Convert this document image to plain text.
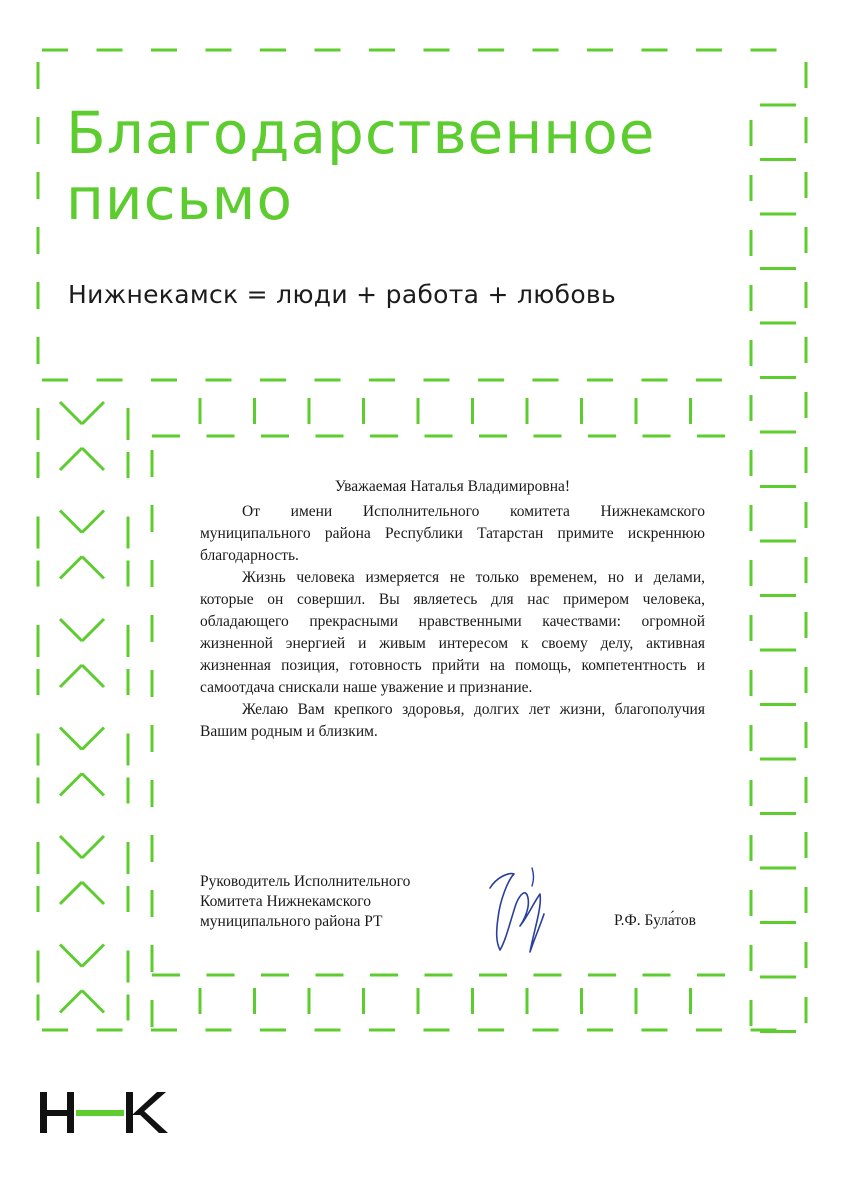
Благодарственное
письмо

Нижнекамск = люди + работа + любовь

Уважаемая Наталья Владимировна!

От имени Исполнительного комитета Нижнекамского муниципального района Республики Татарстан примите искреннюю благодарность.

Жизнь человека измеряется не только временем, но и делами, которые он совершил. Вы являетесь для нас примером человека, обладающего прекрасными нравственными качествами: огромной жизненной энергией и живым интересом к своему делу, активная жизненная позиция, готовность прийти на помощь, компетентность и самоотдача снискали наше уважение и признание.

Желаю Вам крепкого здоровья, долгих лет жизни, благополучия Вашим родным и близким.

Руководитель Исполнительного
Комитета Нижнекамского
муниципального района РТ	Р.Ф. Була́тов
